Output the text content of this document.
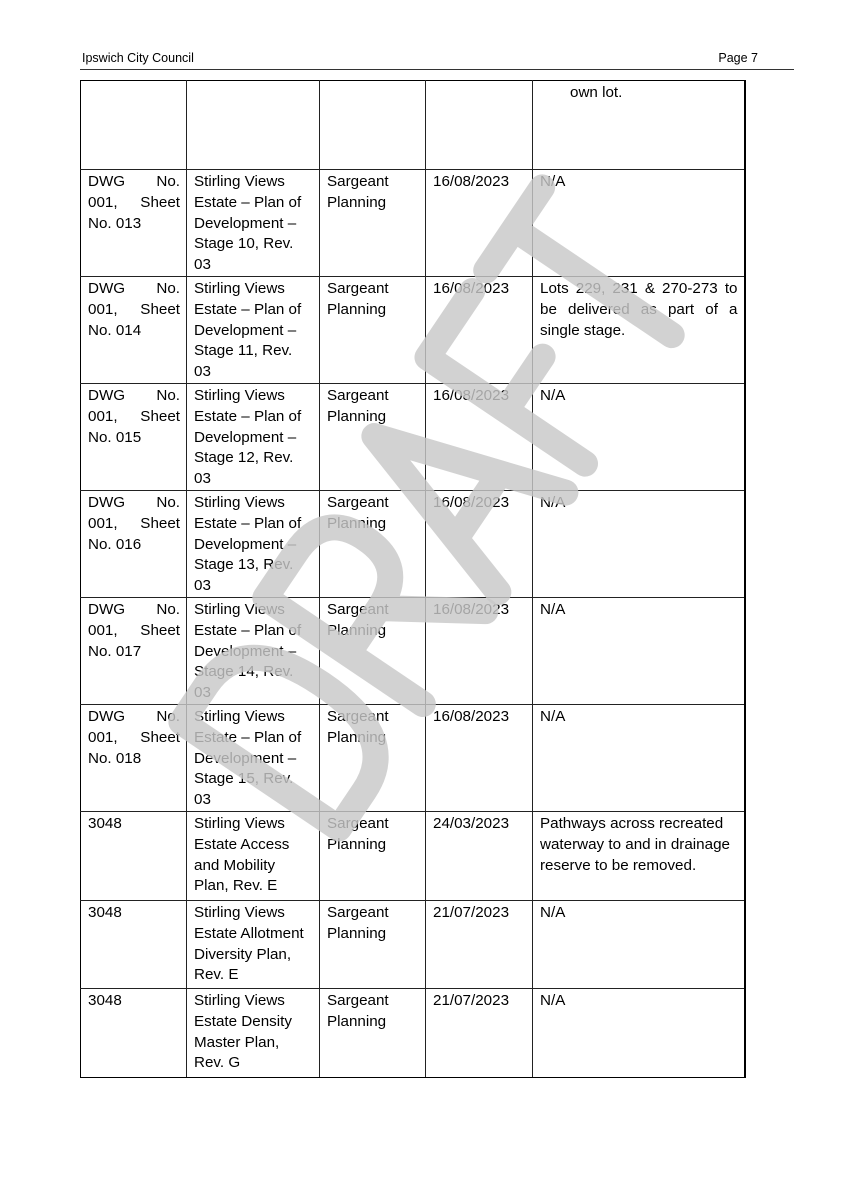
Ipswich City Council	Page 7

				own lot.

DWG No.
001, Sheet
No. 013	Stirling Views Estate – Plan of Development – Stage 10, Rev. 03	Sargeant Planning	16/08/2023	N/A

DWG No.
001, Sheet
No. 014	Stirling Views Estate – Plan of Development – Stage 11, Rev. 03	Sargeant Planning	16/08/2023	Lots 229, 231 & 270-273 to be delivered as part of a single stage.

DWG No.
001, Sheet
No. 015	Stirling Views Estate – Plan of Development – Stage 12, Rev. 03	Sargeant Planning	16/08/2023	N/A

DWG No.
001, Sheet
No. 016	Stirling Views Estate – Plan of Development – Stage 13, Rev. 03	Sargeant Planning	16/08/2023	N/A

DWG No.
001, Sheet
No. 017	Stirling Views Estate – Plan of Development – Stage 14, Rev. 03	Sargeant Planning	16/08/2023	N/A

DWG No.
001, Sheet
No. 018	Stirling Views Estate – Plan of Development – Stage 15, Rev. 03	Sargeant Planning	16/08/2023	N/A

3048	Stirling Views Estate Access and Mobility Plan, Rev. E	Sargeant Planning	24/03/2023	Pathways across recreated waterway to and in drainage reserve to be removed.

3048	Stirling Views Estate Allotment Diversity Plan, Rev. E	Sargeant Planning	21/07/2023	N/A

3048	Stirling Views Estate Density Master Plan, Rev. G	Sargeant Planning	21/07/2023	N/A
